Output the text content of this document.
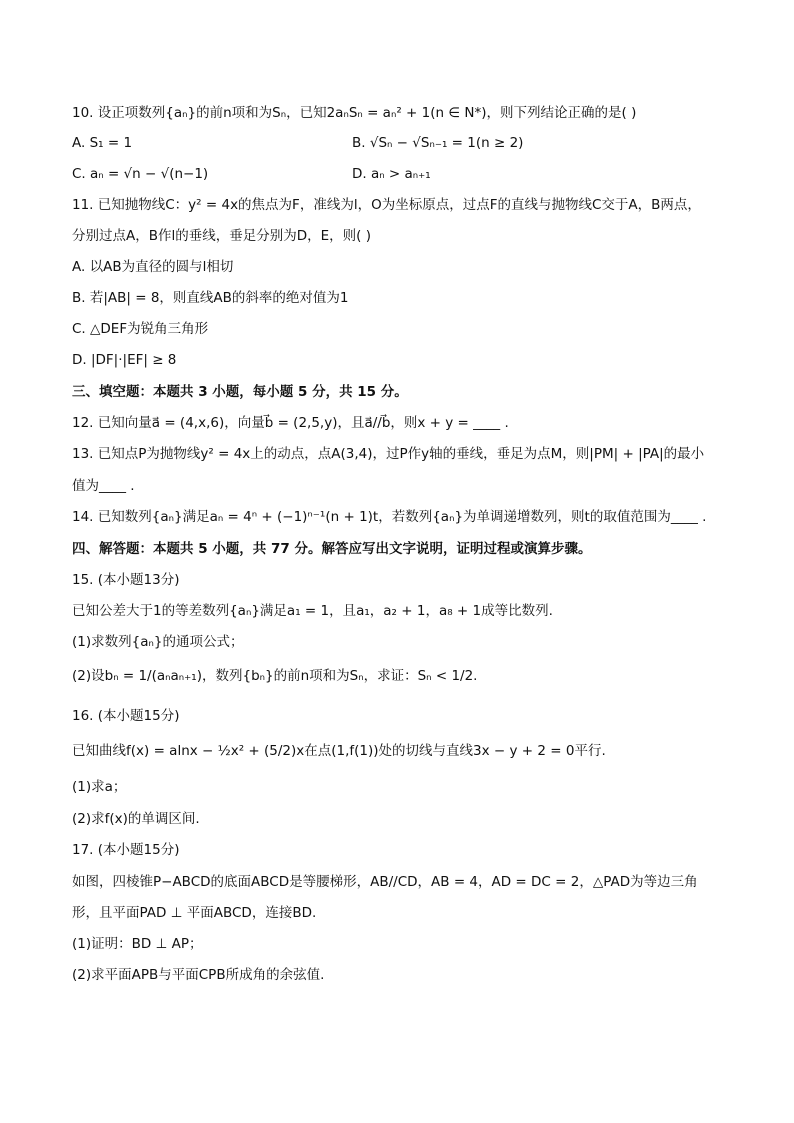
10. 设正项数列{aₙ}的前n项和为Sₙ，已知2aₙSₙ = aₙ² + 1(n ∈ N*)，则下列结论正确的是( )
A. S₁ = 1	B. √Sₙ − √Sₙ₋₁ = 1(n ≥ 2)
C. aₙ = √n − √(n−1)	D. aₙ > aₙ₊₁
11. 已知抛物线C：y² = 4x的焦点为F，准线为l，O为坐标原点，过点F的直线与抛物线C交于A，B两点，
分别过点A，B作l的垂线，垂足分别为D，E，则( )
A. 以AB为直径的圆与l相切
B. 若|AB| = 8，则直线AB的斜率的绝对值为1
C. △DEF为锐角三角形
D. |DF|·|EF| ≥ 8
三、填空题：本题共 3 小题，每小题 5 分，共 15 分。
12. 已知向量a⃗ = (4,x,6)，向量b⃗ = (2,5,y)，且a⃗//b⃗，则x + y = ____ .
13. 已知点P为抛物线y² = 4x上的动点，点A(3,4)，过P作y轴的垂线，垂足为点M，则|PM| + |PA|的最小
值为____ .
14. 已知数列{aₙ}满足aₙ = 4ⁿ + (−1)ⁿ⁻¹(n + 1)t，若数列{aₙ}为单调递增数列，则t的取值范围为____ .
四、解答题：本题共 5 小题，共 77 分。解答应写出文字说明，证明过程或演算步骤。
15. (本小题13分)
已知公差大于1的等差数列{aₙ}满足a₁ = 1，且a₁，a₂ + 1，a₈ + 1成等比数列.
(1)求数列{aₙ}的通项公式；
(2)设bₙ = 1/(aₙaₙ₊₁)，数列{bₙ}的前n项和为Sₙ，求证：Sₙ < 1/2.
16. (本小题15分)
已知曲线f(x) = alnx − ½x² + (5/2)x在点(1,f(1))处的切线与直线3x − y + 2 = 0平行.
(1)求a；
(2)求f(x)的单调区间.
17. (本小题15分)
如图，四棱锥P−ABCD的底面ABCD是等腰梯形，AB//CD，AB = 4，AD = DC = 2，△PAD为等边三角
形，且平面PAD ⊥ 平面ABCD，连接BD.
(1)证明：BD ⊥ AP；
(2)求平面APB与平面CPB所成角的余弦值.
